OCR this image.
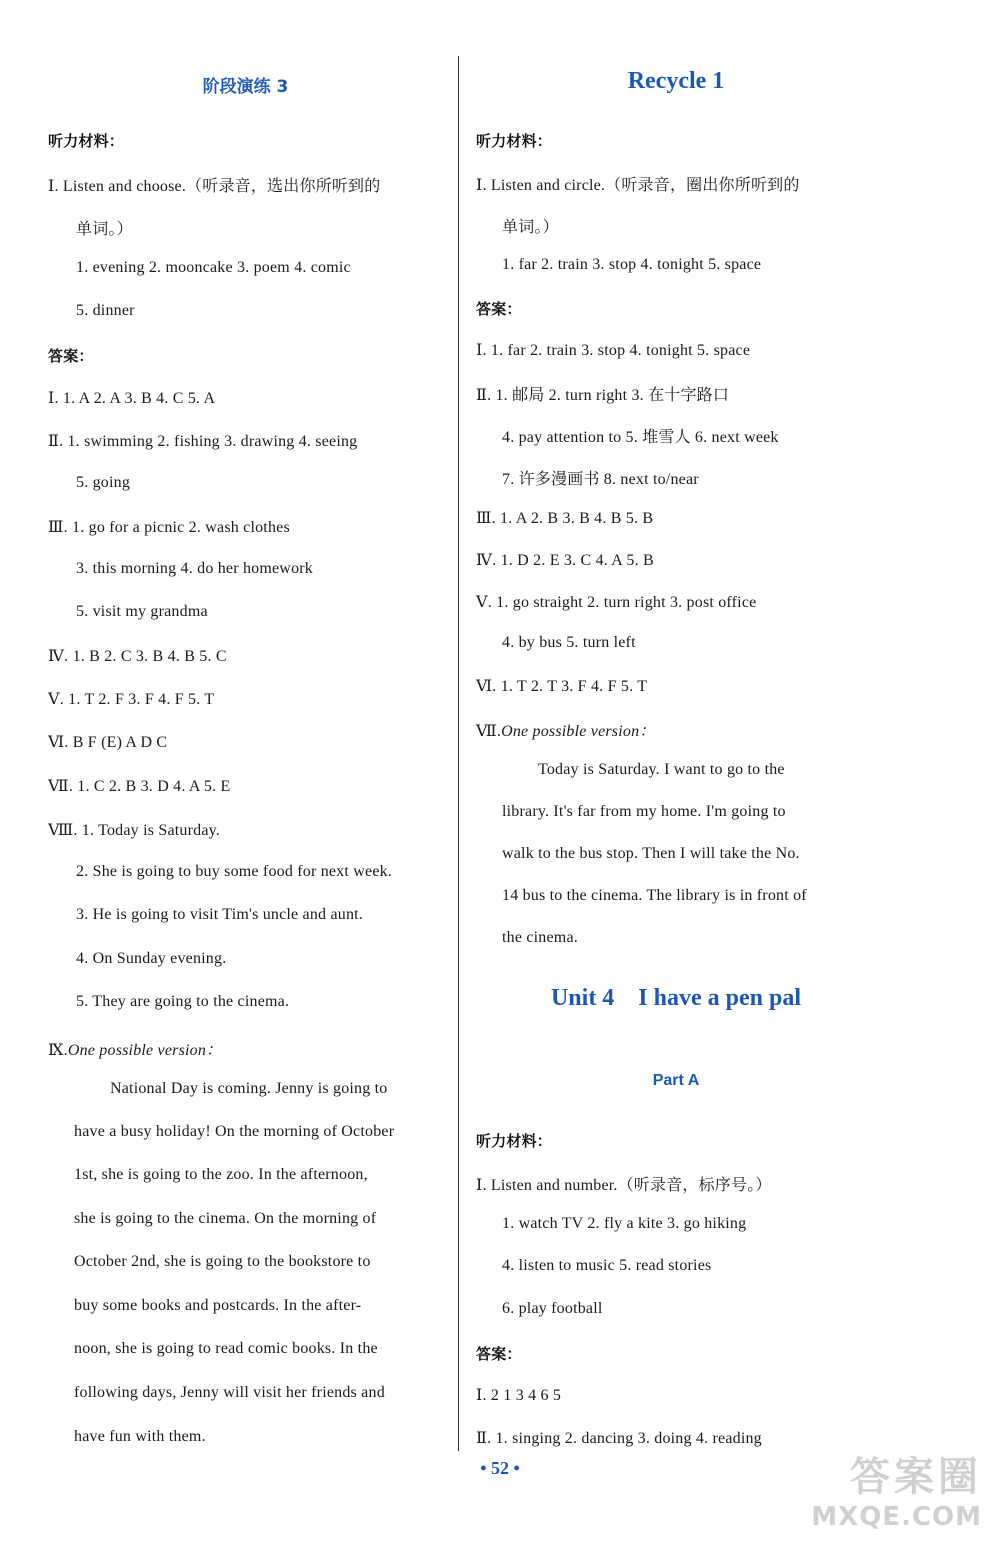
阶段演练 3
听力材料：
Ⅰ. Listen and choose.（听录音，选出你所听到的
单词。）
1. evening 2. mooncake 3. poem 4. comic
5. dinner
答案：
Ⅰ. 1. A 2. A 3. B 4. C 5. A
Ⅱ. 1. swimming 2. fishing 3. drawing 4. seeing
5. going
Ⅲ. 1. go for a picnic 2. wash clothes
3. this morning 4. do her homework
5. visit my grandma
Ⅳ. 1. B 2. C 3. B 4. B 5. C
Ⅴ. 1. T 2. F 3. F 4. F 5. T
Ⅵ. B F (E) A D C
Ⅶ. 1. C 2. B 3. D 4. A 5. E
Ⅷ. 1. Today is Saturday.
2. She is going to buy some food for next week.
3. He is going to visit Tim's uncle and aunt.
4. On Sunday evening.
5. They are going to the cinema.
Ⅸ.One possible version：
National Day is coming. Jenny is going to
have a busy holiday! On the morning of October
1st, she is going to the zoo. In the afternoon,
she is going to the cinema. On the morning of
October 2nd, she is going to the bookstore to
buy some books and postcards. In the after-
noon, she is going to read comic books. In the
following days, Jenny will visit her friends and
have fun with them.
Recycle 1
听力材料：
Ⅰ. Listen and circle.（听录音，圈出你所听到的
单词。）
1. far 2. train 3. stop 4. tonight 5. space
答案：
Ⅰ. 1. far 2. train 3. stop 4. tonight 5. space
Ⅱ. 1. 邮局 2. turn right 3. 在十字路口
4. pay attention to 5. 堆雪人 6. next week
7. 许多漫画书 8. next to/near
Ⅲ. 1. A 2. B 3. B 4. B 5. B
Ⅳ. 1. D 2. E 3. C 4. A 5. B
Ⅴ. 1. go straight 2. turn right 3. post office
4. by bus 5. turn left
Ⅵ. 1. T 2. T 3. F 4. F 5. T
Ⅶ.One possible version：
Today is Saturday. I want to go to the
library. It's far from my home. I'm going to
walk to the bus stop. Then I will take the No.
14 bus to the cinema. The library is in front of
the cinema.
Unit 4    I have a pen pal
Part A
听力材料：
Ⅰ. Listen and number.（听录音，标序号。）
1. watch TV 2. fly a kite 3. go hiking
4. listen to music 5. read stories
6. play football
答案：
Ⅰ. 2 1 3 4 6 5
Ⅱ. 1. singing 2. dancing 3. doing 4. reading
• 52 •	答案圈
MXQE.COM
